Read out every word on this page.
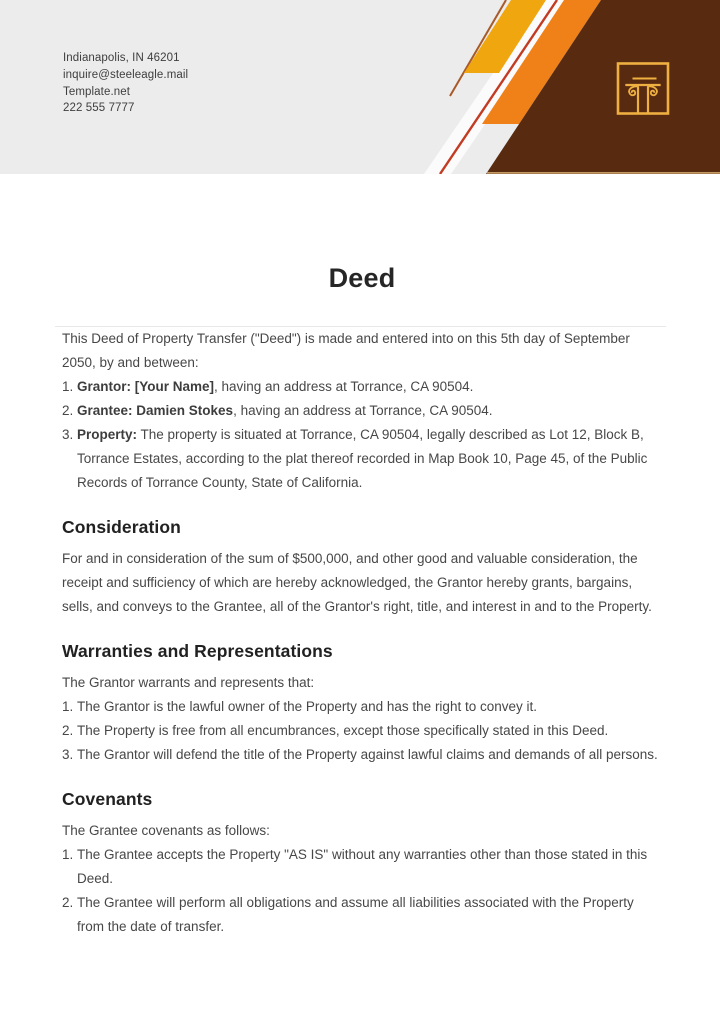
Indianapolis, IN 46201
inquire@steeleagle.mail
Template.net
222 555 7777
Deed

This Deed of Property Transfer ("Deed") is made and entered into on this 5th day of September 2050, by and between:

1. Grantor: [Your Name], having an address at Torrance, CA 90504.
2. Grantee: Damien Stokes, having an address at Torrance, CA 90504.
3. Property: The property is situated at Torrance, CA 90504, legally described as Lot 12, Block B, Torrance Estates, according to the plat thereof recorded in Map Book 10, Page 45, of the Public Records of Torrance County, State of California.
Consideration

For and in consideration of the sum of $500,000, and other good and valuable consideration, the receipt and sufficiency of which are hereby acknowledged, the Grantor hereby grants, bargains, sells, and conveys to the Grantee, all of the Grantor's right, title, and interest in and to the Property.

Warranties and Representations

The Grantor warrants and represents that:

1. The Grantor is the lawful owner of the Property and has the right to convey it.
2. The Property is free from all encumbrances, except those specifically stated in this Deed.
3. The Grantor will defend the title of the Property against lawful claims and demands of all persons.
Covenants

The Grantee covenants as follows:

1. The Grantee accepts the Property "AS IS" without any warranties other than those stated in this Deed.
2. The Grantee will perform all obligations and assume all liabilities associated with the Property from the date of transfer.
